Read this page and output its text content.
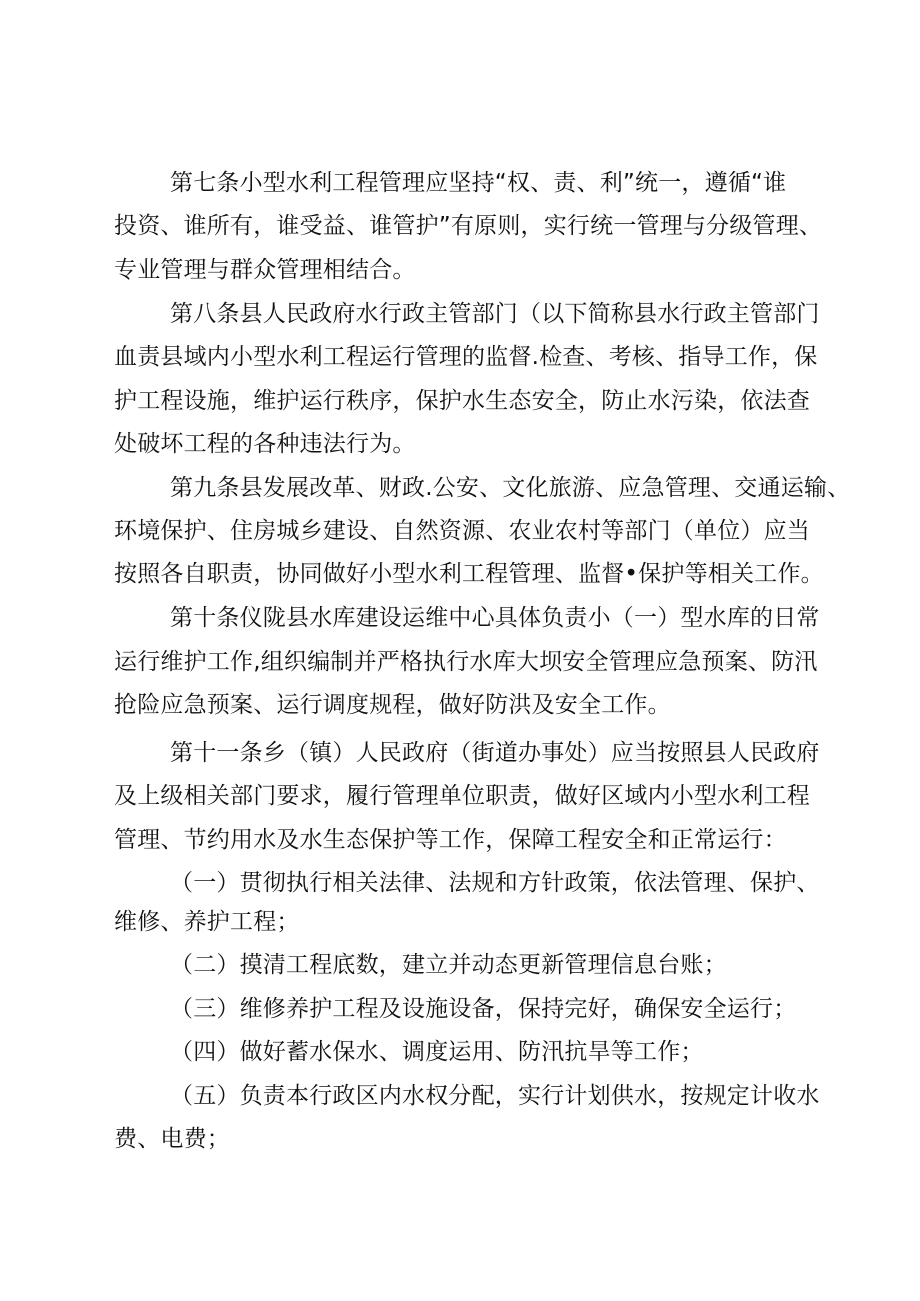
第七条小型水利工程管理应坚持“权、责、利”统一，遵循“谁
投资、谁所有，谁受益、谁管护”有原则，实行统一管理与分级管理、
专业管理与群众管理相结合。
第八条县人民政府水行政主管部门（以下简称县水行政主管部门
血责县域内小型水利工程运行管理的监督.检查、考核、指导工作，保
护工程设施，维护运行秩序，保护水生态安全，防止水污染，依法查
处破坏工程的各种违法行为。
第九条县发展改革、财政.公安、文化旅游、应急管理、交通运输、
环境保护、住房城乡建设、自然资源、农业农村等部门（单位）应当
按照各自职责，协同做好小型水利工程管理、监督•保护等相关工作。
第十条仪陇县水库建设运维中心具体负责小（一）型水库的日常
运行维护工作,组织编制并严格执行水库大坝安全管理应急预案、防汛
抢险应急预案、运行调度规程，做好防洪及安全工作。
第十一条乡（镇）人民政府（街道办事处）应当按照县人民政府
及上级相关部门要求，履行管理单位职责，做好区域内小型水利工程
管理、节约用水及水生态保护等工作，保障工程安全和正常运行：
（一）贯彻执行相关法律、法规和方针政策，依法管理、保护、
维修、养护工程；
（二）摸清工程底数，建立并动态更新管理信息台账；
（三）维修养护工程及设施设备，保持完好，确保安全运行；
（四）做好蓄水保水、调度运用、防汛抗旱等工作；
（五）负责本行政区内水权分配，实行计划供水，按规定计收水
费、电费；
